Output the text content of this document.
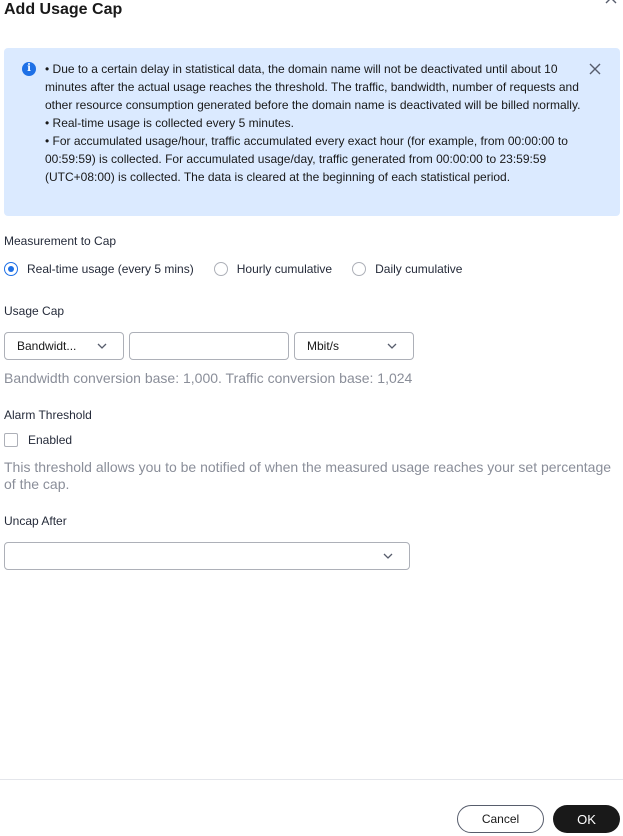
Add Usage Cap
i	• Due to a certain delay in statistical data, the domain name will not be deactivated until about 10 minutes after the actual usage reaches the threshold. The traffic, bandwidth, number of requests and other resource consumption generated before the domain name is deactivated will be billed normally.

• Real-time usage is collected every 5 minutes.

• For accumulated usage/hour, traffic accumulated every exact hour (for example, from 00:00:00 to 00:59:59) is collected. For accumulated usage/day, traffic generated from 00:00:00 to 23:59:59 (UTC+08:00) is collected. The data is cleared at the beginning of each statistical period.

Measurement to Cap
Real-time usage (every 5 mins)	Hourly cumulative	Daily cumulative
Usage Cap
Bandwidt...	Mbit/s
Bandwidth conversion base: 1,000. Traffic conversion base: 1,024
Alarm Threshold
Enabled
This threshold allows you to be notified of when the measured usage reaches your set percentage of the cap.
Uncap After
Cancel	OK
